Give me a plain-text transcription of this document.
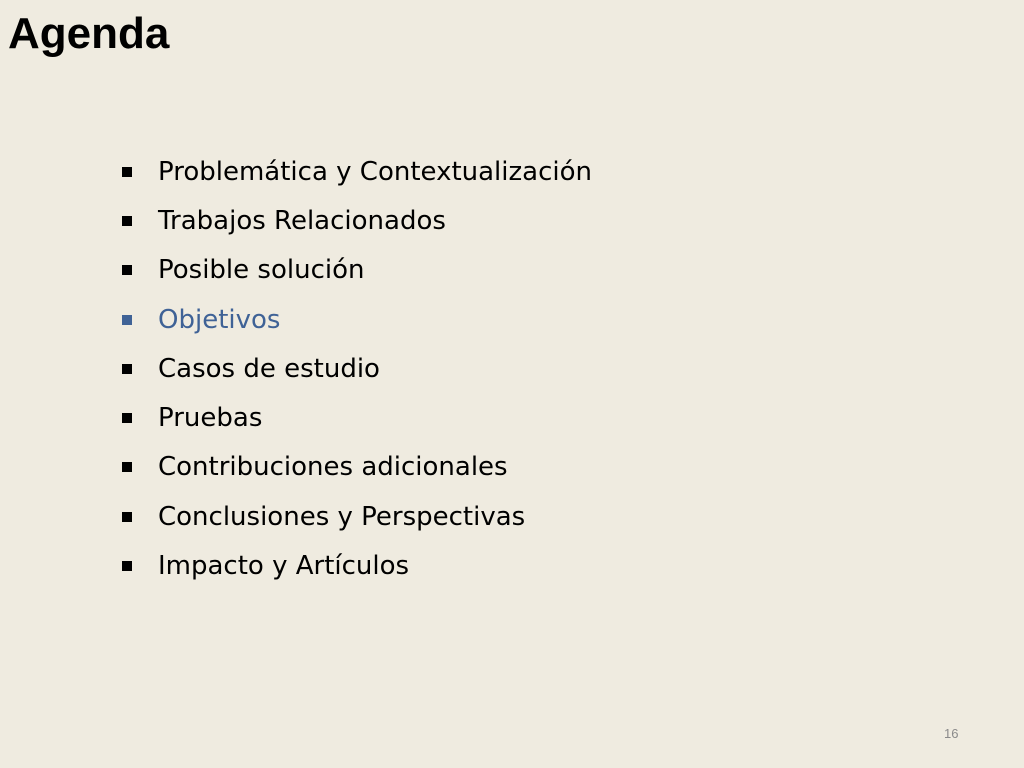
Agenda
Problemática y Contextualización
Trabajos Relacionados
Posible solución
Objetivos
Casos de estudio
Pruebas
Contribuciones adicionales
Conclusiones y Perspectivas
Impacto y Artículos
16
